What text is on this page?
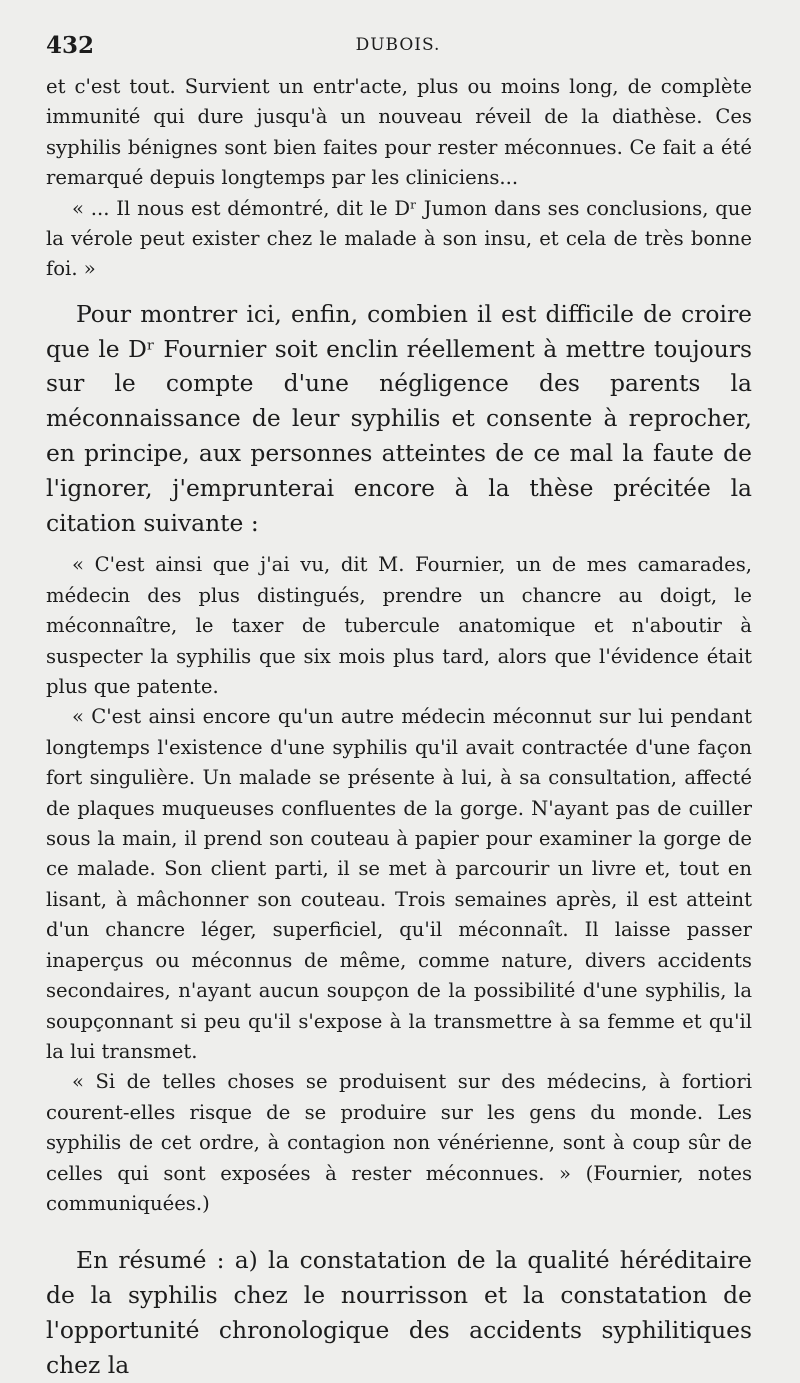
432	DUBOIS.

et c'est tout. Survient un entr'acte, plus ou moins long, de complète immunité qui dure jusqu'à un nouveau réveil de la diathèse. Ces syphilis bénignes sont bien faites pour rester méconnues. Ce fait a été remarqué depuis longtemps par les cliniciens...

« ... Il nous est démontré, dit le Dʳ Jumon dans ses conclusions, que la vérole peut exister chez le malade à son insu, et cela de très bonne foi. »

Pour montrer ici, enfin, combien il est difficile de croire que le Dʳ Fournier soit enclin réellement à mettre toujours sur le compte d'une négligence des parents la méconnaissance de leur syphilis et consente à reprocher, en principe, aux personnes atteintes de ce mal la faute de l'ignorer, j'emprunterai encore à la thèse précitée la citation suivante :

« C'est ainsi que j'ai vu, dit M. Fournier, un de mes camarades, médecin des plus distingués, prendre un chancre au doigt, le méconnaître, le taxer de tubercule anatomique et n'aboutir à suspecter la syphilis que six mois plus tard, alors que l'évidence était plus que patente.

« C'est ainsi encore qu'un autre médecin méconnut sur lui pendant longtemps l'existence d'une syphilis qu'il avait contractée d'une façon fort singulière. Un malade se présente à lui, à sa consultation, affecté de plaques muqueuses confluentes de la gorge. N'ayant pas de cuiller sous la main, il prend son couteau à papier pour examiner la gorge de ce malade. Son client parti, il se met à parcourir un livre et, tout en lisant, à mâchonner son couteau. Trois semaines après, il est atteint d'un chancre léger, superficiel, qu'il méconnaît. Il laisse passer inaperçus ou méconnus de même, comme nature, divers accidents secondaires, n'ayant aucun soupçon de la possibilité d'une syphilis, la soupçonnant si peu qu'il s'expose à la transmettre à sa femme et qu'il la lui transmet.

« Si de telles choses se produisent sur des médecins, à fortiori courent-elles risque de se produire sur les gens du monde. Les syphilis de cet ordre, à contagion non vénérienne, sont à coup sûr de celles qui sont exposées à rester méconnues. » (Fournier, notes communiquées.)

En résumé : a) la constatation de la qualité héréditaire de la syphilis chez le nourrisson et la constatation de l'opportunité chronologique des accidents syphilitiques chez la
